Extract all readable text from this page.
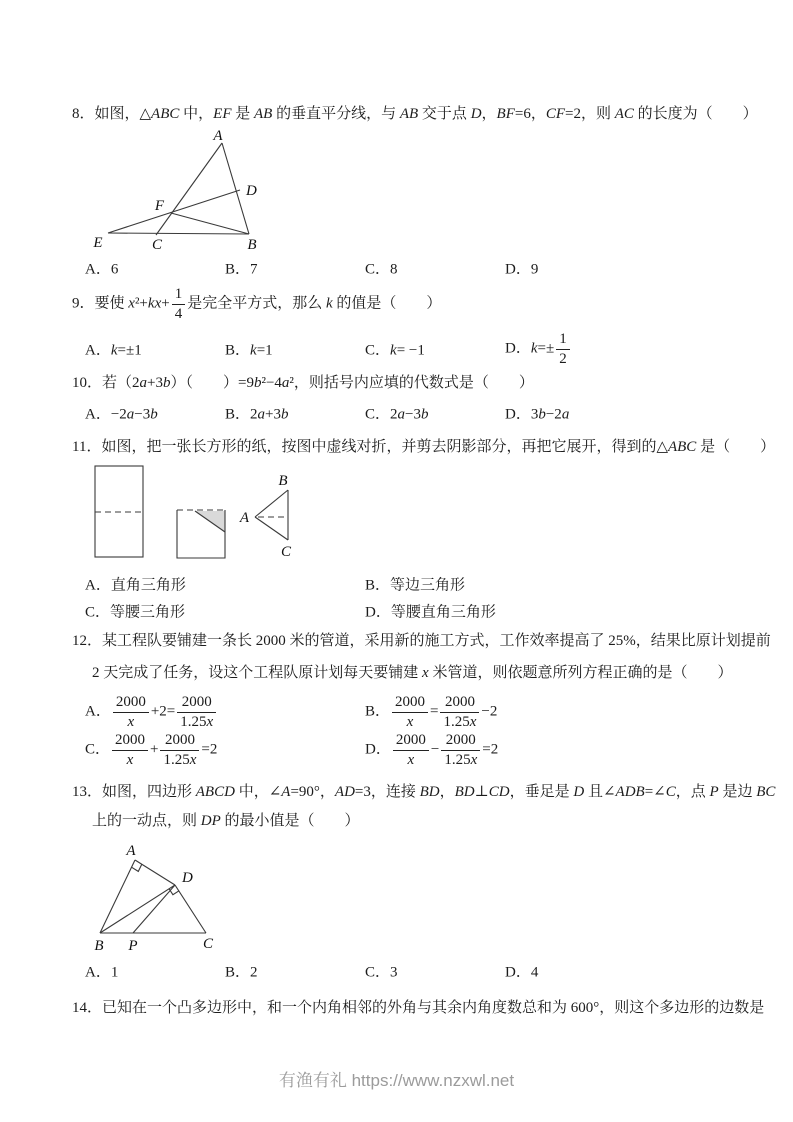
8．如图，△ABC 中，EF 是 AB 的垂直平分线，与 AB 交于点 D，BF=6，CF=2，则 AC 的长度为（　　）
A
D
F
E	C	B
A．6	B．7	C．8	D．9
9．要使 $x^2+kx+ \frac{1}{4}$ 是完全平方式，那么 k 的值是（　　）
A．k=±1	B．k=1	C．k= −1	D．$k=\pm \frac{1}{2}$
10．若（2a+3b）（　　）=9b²−4a²，则括号内应填的代数式是（　　）
A．−2a−3b	B．2a+3b	C．2a−3b	D．3b−2a
11．如图，把一张长方形的纸，按图中虚线对折，并剪去阴影部分，再把它展开，得到的△ABC 是（　　）
B
A
C
A．直角三角形	B．等边三角形
C．等腰三角形	D．等腰直角三角形
12．某工程队要铺建一条长 2000 米的管道，采用新的施工方式，工作效率提高了 25%，结果比原计划提前
2 天完成了任务，设这个工程队原计划每天要铺建 x 米管道，则依题意所列方程正确的是（　　）
A． $\frac{2000}{x} +2= \frac{2000}{1.25x}$	B． $\frac{2000}{x} = \frac{2000}{1.25x} -2$
C． $\frac{2000}{x} + \frac{2000}{1.25x} =2$	D． $\frac{2000}{x} - \frac{2000}{1.25x} =2$
13．如图，四边形 ABCD 中，∠A=90°，AD=3，连接 BD，BD⊥CD，垂足是 D 且∠ADB=∠C，点 P 是边 BC
上的一动点，则 DP 的最小值是（　　）
A
D
B P	C
A．1	B．2	C．3	D．4
14．已知在一个凸多边形中，和一个内角相邻的外角与其余内角度数总和为 600°，则这个多边形的边数是
有渔有礼 https://www.nzxwl.net
